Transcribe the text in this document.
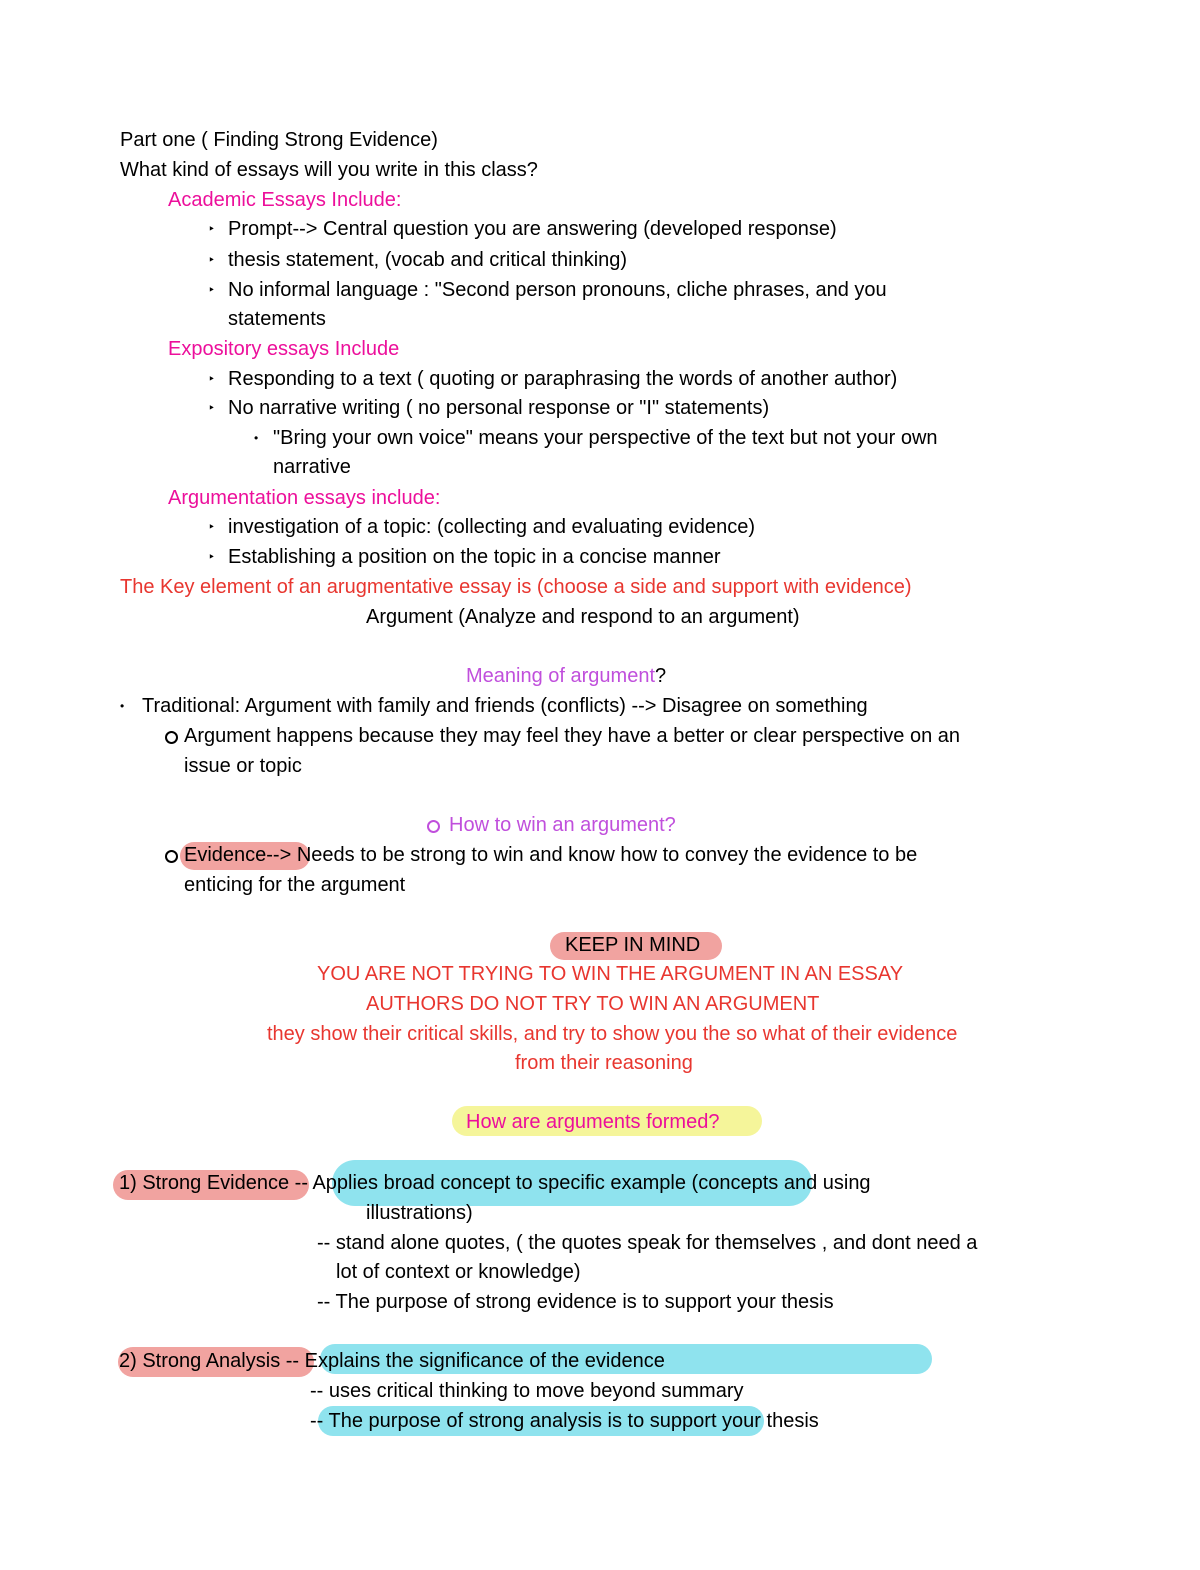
Part one ( Finding Strong Evidence)
What kind of essays will you write in this class?
Academic Essays Include:
‣ Prompt--> Central question you are answering (developed response)
‣ thesis statement, (vocab and critical thinking)
‣ No informal language : "Second person pronouns, cliche phrases, and you
statements
Expository essays Include
‣ Responding to a text ( quoting or paraphrasing the words of another author)
‣ No narrative writing ( no personal response or "I" statements)
• "Bring your own voice" means your perspective of the text but not your own
narrative
Argumentation essays include:
‣ investigation of a topic: (collecting and evaluating evidence)
‣ Establishing a position on the topic in a concise manner
The Key element of an arugmentative essay is (choose a side and support with evidence)
Argument (Analyze and respond to an argument)
Meaning of argument?
• Traditional: Argument with family and friends (conflicts) --> Disagree on something
Argument happens because they may feel they have a better or clear perspective on an
issue or topic
How to win an argument?
Evidence--> Needs to be strong to win and know how to convey the evidence to be
enticing for the argument
KEEP IN MIND
YOU ARE NOT TRYING TO WIN THE ARGUMENT IN AN ESSAY
AUTHORS DO NOT TRY TO WIN AN ARGUMENT
they show their critical skills, and try to show you the so what of their evidence
from their reasoning
How are arguments formed?
1) Strong Evidence -- Applies broad concept to specific example (concepts and using
illustrations)
-- stand alone quotes, ( the quotes speak for themselves , and dont need a
lot of context or knowledge)
-- The purpose of strong evidence is to support your thesis
2) Strong Analysis -- Explains the significance of the evidence
-- uses critical thinking to move beyond summary
-- The purpose of strong analysis is to support your thesis
